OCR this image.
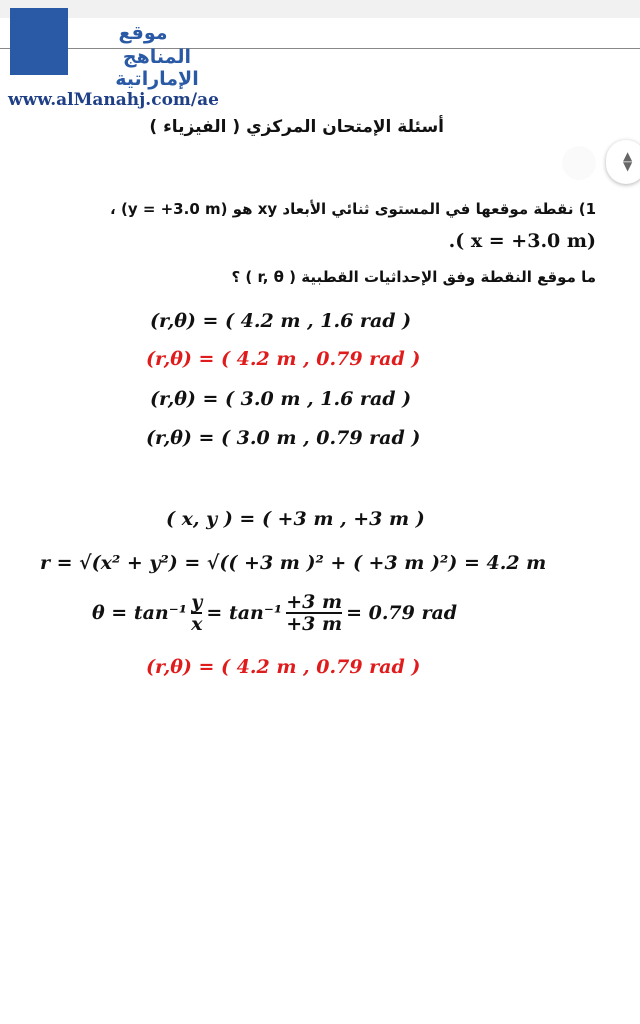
موقع
المناهج الإماراتية
www.alManahj.com/ae
أسئلة الإمتحان المركزي ( الفيزياء )
▲
▼
1) نقطة موقعها في المستوى ثنائي الأبعاد xy هو (y = +3.0 m) ،
.( x = +3.0 m)
ما موقع النقطة وفق الإحداثيات القطبية ( r, θ ) ؟
(r,θ) = ( 4.2 m , 1.6 rad )
(r,θ) = ( 4.2 m , 0.79 rad )
(r,θ) = ( 3.0 m , 1.6 rad )
(r,θ) = ( 3.0 m , 0.79 rad )
( x, y ) = ( +3 m , +3 m )
r = √(x² + y²) = √(( +3 m )² + ( +3 m )²) = 4.2 m
$\theta = \tan^{-1} \frac{y}{x} = \tan^{-1} \frac{+3 m}{+3 m} = 0.79$ rad
(r,θ) = ( 4.2 m , 0.79 rad )
